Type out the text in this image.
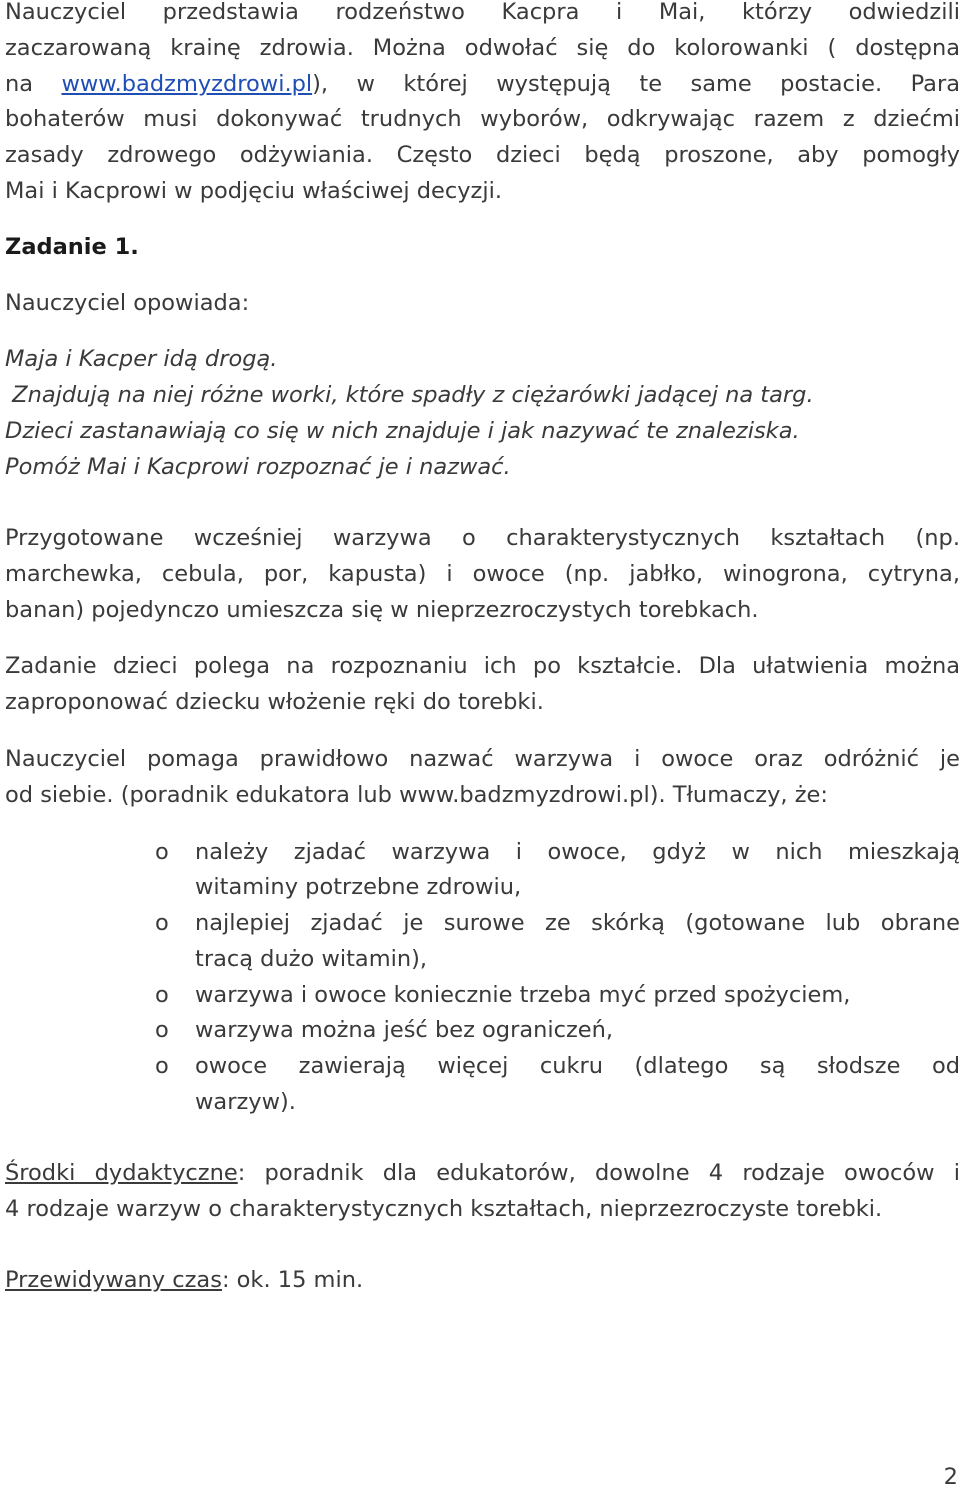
Nauczyciel przedstawia rodzeństwo Kacpra i Mai, którzy odwiedzili
zaczarowaną krainę zdrowia. Można odwołać się do kolorowanki ( dostępna
na www.badzmyzdrowi.pl), w której występują te same postacie. Para
bohaterów musi dokonywać trudnych wyborów, odkrywając razem z dziećmi
zasady zdrowego odżywiania. Często dzieci będą proszone, aby pomogły
Mai i Kacprowi w podjęciu właściwej decyzji.
Zadanie 1.
Nauczyciel opowiada:
Maja i Kacper idą drogą.
Znajdują na niej różne worki, które spadły z ciężarówki jadącej na targ.
Dzieci zastanawiają co się w nich znajduje i jak nazywać te znaleziska.
Pomóż Mai i Kacprowi rozpoznać je i nazwać.
Przygotowane wcześniej warzywa o charakterystycznych kształtach (np.
marchewka, cebula, por, kapusta) i owoce (np. jabłko, winogrona, cytryna,
banan) pojedynczo umieszcza się w nieprzezroczystych torebkach.
Zadanie dzieci polega na rozpoznaniu ich po kształcie. Dla ułatwienia można
zaproponować dziecku włożenie ręki do torebki.
Nauczyciel pomaga prawidłowo nazwać warzywa i owoce oraz odróżnić je
od siebie. (poradnik edukatora lub www.badzmyzdrowi.pl). Tłumaczy, że:
o należy zjadać warzywa i owoce, gdyż w nich mieszkają
witaminy potrzebne zdrowiu,
o najlepiej zjadać je surowe ze skórką (gotowane lub obrane
tracą dużo witamin),
o warzywa i owoce koniecznie trzeba myć przed spożyciem,
o warzywa można jeść bez ograniczeń,
o owoce zawierają więcej cukru (dlatego są słodsze od
warzyw).
Środki dydaktyczne: poradnik dla edukatorów, dowolne 4 rodzaje owoców i
4 rodzaje warzyw o charakterystycznych kształtach, nieprzezroczyste torebki.
Przewidywany czas: ok. 15 min.
2
